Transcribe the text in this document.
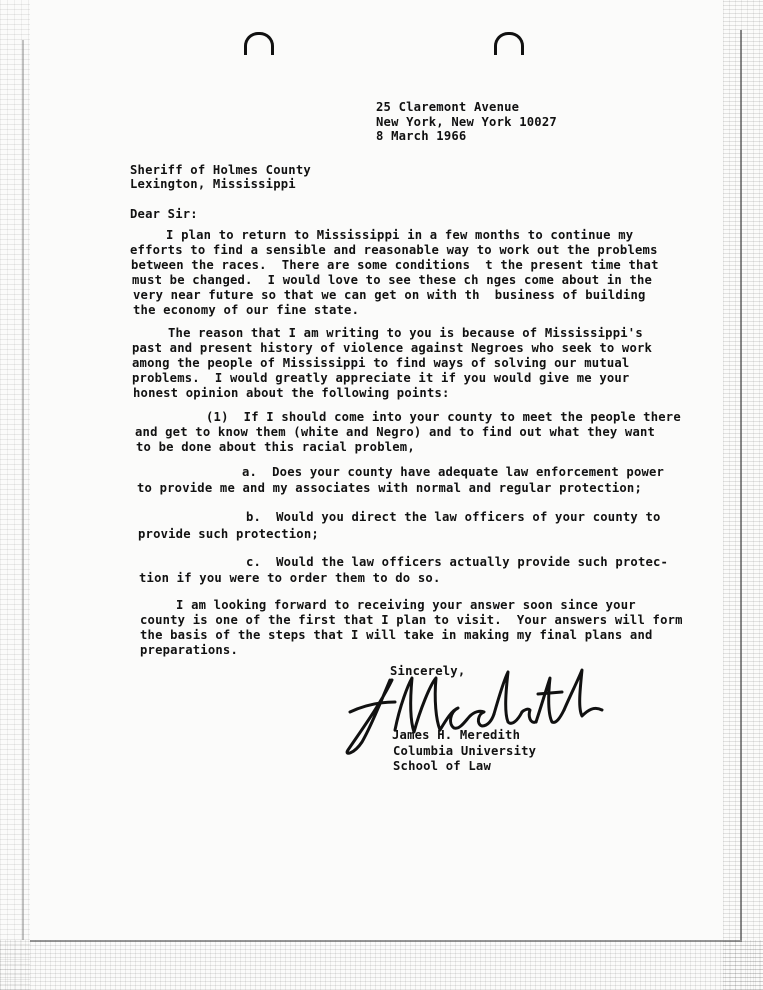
25 Claremont Avenue
New York, New York 10027
8 March 1966
Sheriff of Holmes County
Lexington, Mississippi
Dear Sir:
I plan to return to Mississippi in a few months to continue my
efforts to find a sensible and reasonable way to work out the problems
between the races.  There are some conditions  t the present time that
must be changed.  I would love to see these ch nges come about in the
very near future so that we can get on with th  business of building
the economy of our fine state.
The reason that I am writing to you is because of Mississippi's
past and present history of violence against Negroes who seek to work
among the people of Mississippi to find ways of solving our mutual
problems.  I would greatly appreciate it if you would give me your
honest opinion about the following points:
(1)  If I should come into your county to meet the people there
and get to know them (white and Negro) and to find out what they want
to be done about this racial problem,
a.  Does your county have adequate law enforcement power
to provide me and my associates with normal and regular protection;
b.  Would you direct the law officers of your county to
provide such protection;
c.  Would the law officers actually provide such protec-
tion if you were to order them to do so.
I am looking forward to receiving your answer soon since your
county is one of the first that I plan to visit.  Your answers will form
the basis of the steps that I will take in making my final plans and
preparations.
Sincerely,
James H. Meredith
Columbia University
School of Law
